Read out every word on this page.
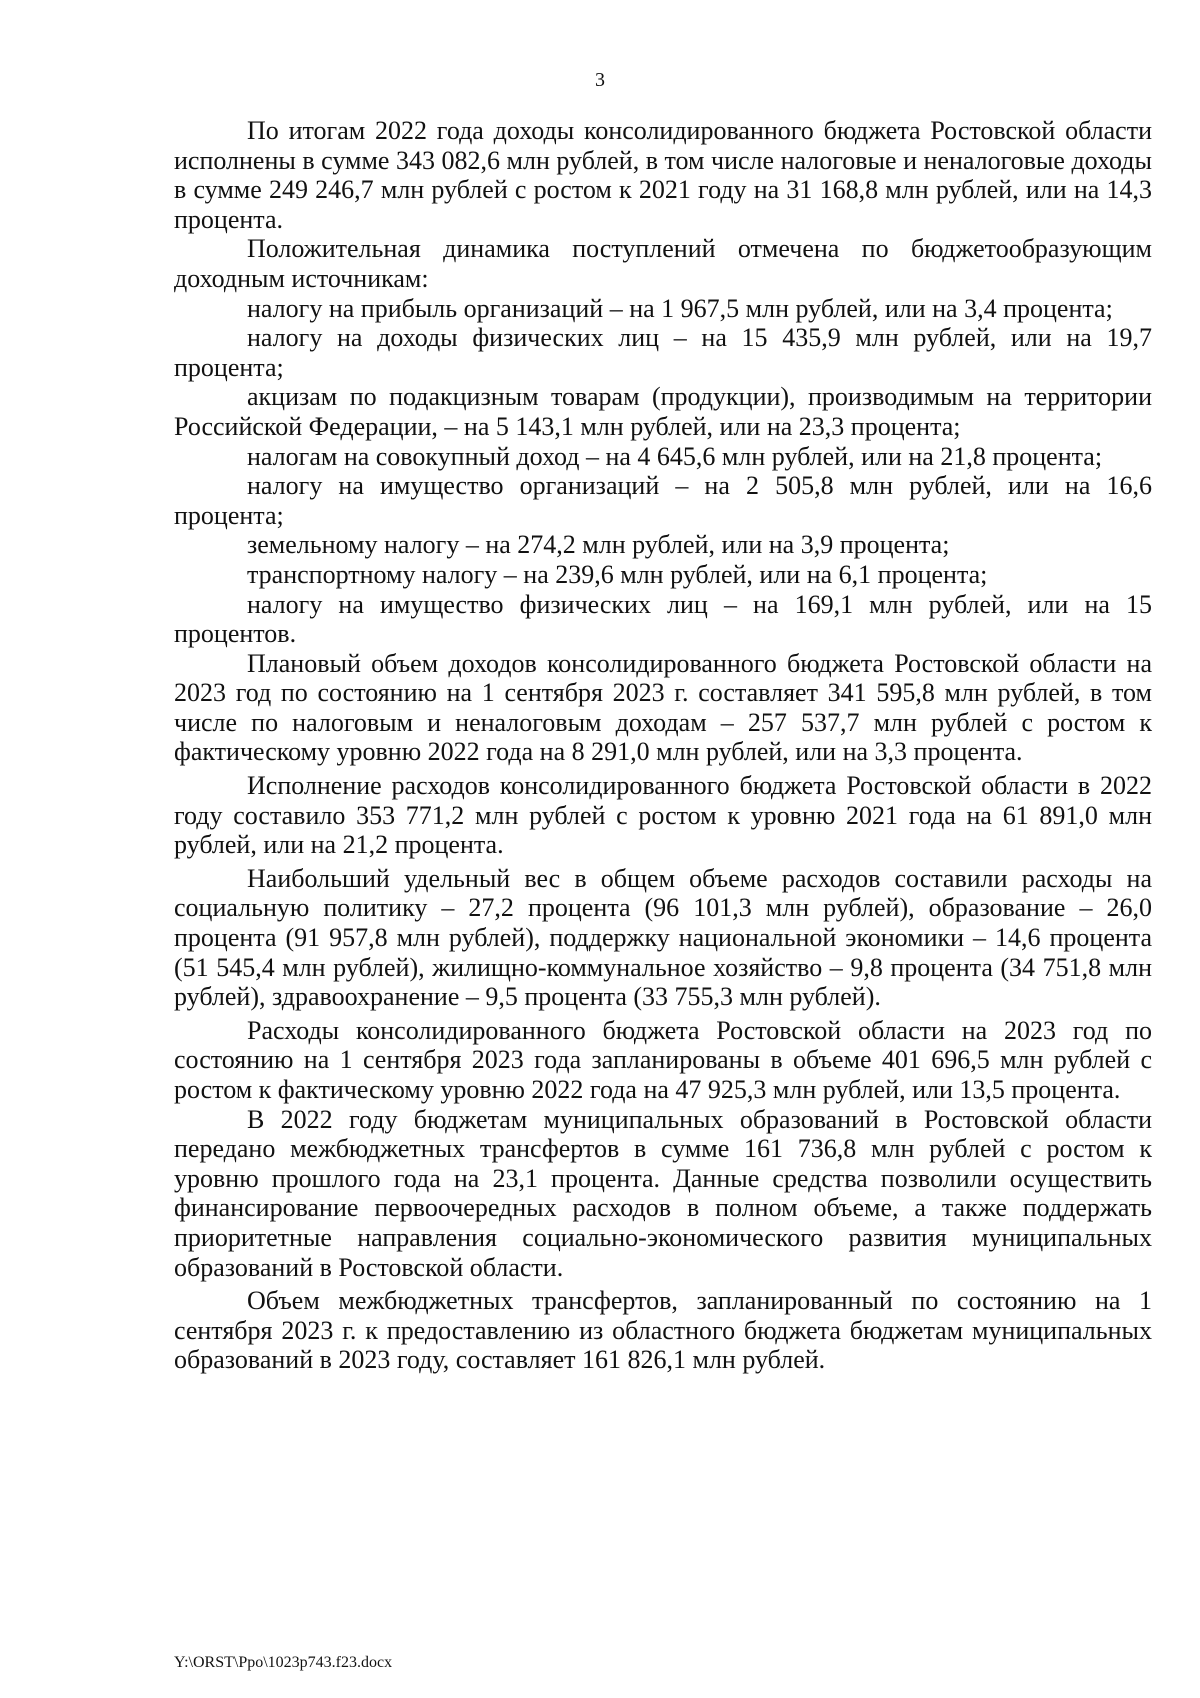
3

По итогам 2022 года доходы консолидированного бюджета Ростовской области исполнены в сумме 343 082,6 млн рублей, в том числе налоговые и неналоговые доходы в сумме 249 246,7 млн рублей с ростом к 2021 году на 31 168,8 млн рублей, или на 14,3 процента.

Положительная динамика поступлений отмечена по бюджетообразующим доходным источникам:

налогу на прибыль организаций – на 1 967,5 млн рублей, или на 3,4 процента;

налогу на доходы физических лиц – на 15 435,9 млн рублей, или на 19,7 процента;

акцизам по подакцизным товарам (продукции), производимым на территории Российской Федерации, – на 5 143,1 млн рублей, или на 23,3 процента;

налогам на совокупный доход – на 4 645,6 млн рублей, или на 21,8 процента;

налогу на имущество организаций – на 2 505,8 млн рублей, или на 16,6 процента;

земельному налогу – на 274,2 млн рублей, или на 3,9 процента;

транспортному налогу – на 239,6 млн рублей, или на 6,1 процента;

налогу на имущество физических лиц – на 169,1 млн рублей, или на 15 процентов.

Плановый объем доходов консолидированного бюджета Ростовской области на 2023 год по состоянию на 1 сентября 2023 г. составляет 341 595,8 млн рублей, в том числе по налоговым и неналоговым доходам – 257 537,7 млн рублей с ростом к фактическому уровню 2022 года на 8 291,0 млн рублей, или на 3,3 процента.

Исполнение расходов консолидированного бюджета Ростовской области в 2022 году составило 353 771,2 млн рублей с ростом к уровню 2021 года на 61 891,0 млн рублей, или на 21,2 процента.

Наибольший удельный вес в общем объеме расходов составили расходы на социальную политику – 27,2 процента (96 101,3 млн рублей), образование – 26,0 процента (91 957,8 млн рублей), поддержку национальной экономики – 14,6 процента (51 545,4 млн рублей), жилищно-коммунальное хозяйство – 9,8 процента (34 751,8 млн рублей), здравоохранение – 9,5 процента (33 755,3 млн рублей).

Расходы консолидированного бюджета Ростовской области на 2023 год по состоянию на 1 сентября 2023 года запланированы в объеме 401 696,5 млн рублей с ростом к фактическому уровню 2022 года на 47 925,3 млн рублей, или 13,5 процента.

В 2022 году бюджетам муниципальных образований в Ростовской области передано межбюджетных трансфертов в сумме 161 736,8 млн рублей с ростом к уровню прошлого года на 23,1 процента. Данные средства позволили осуществить финансирование первоочередных расходов в полном объеме, а также поддержать приоритетные направления социально-экономического развития муниципальных образований в Ростовской области.

Объем межбюджетных трансфертов, запланированный по состоянию на 1 сентября 2023 г. к предоставлению из областного бюджета бюджетам муниципальных образований в 2023 году, составляет 161 826,1 млн рублей.

Y:\ORST\Ppo\1023p743.f23.docx
